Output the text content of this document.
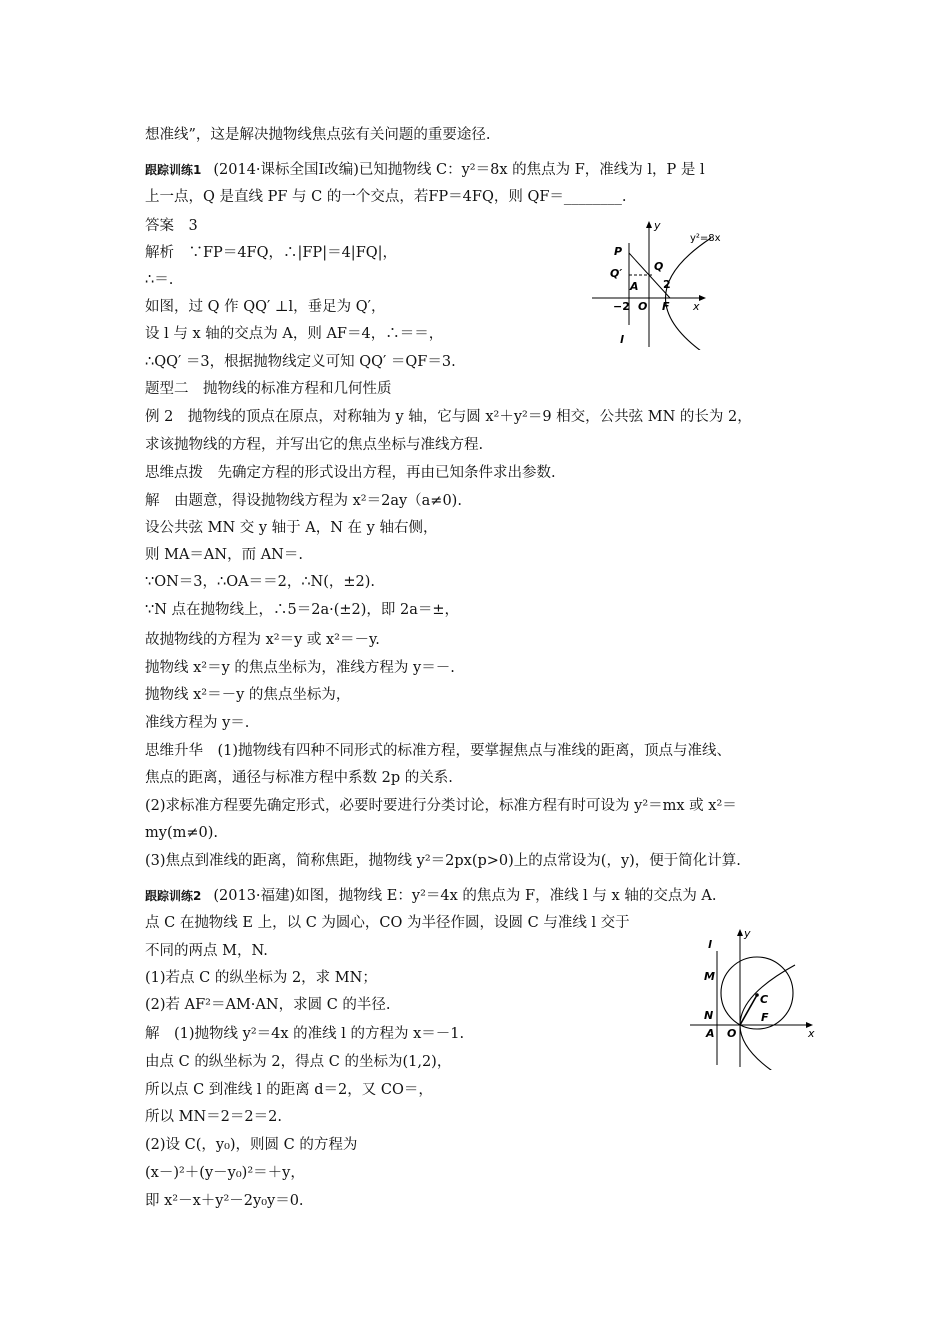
想准线”，这是解决抛物线焦点弦有关问题的重要途径.
跟踪训练1 (2014·课标全国Ⅰ改编)已知抛物线 C：y²＝8x 的焦点为 F，准线为 l，P 是 l
上一点，Q 是直线 PF 与 C 的一个交点，若FP＝4FQ，则 QF＝________.
答案　3
解析　∵FP＝4FQ，∴|FP|＝4|FQ|，
∴＝.
如图，过 Q 作 QQ′ ⊥l，垂足为 Q′，
设 l 与 x 轴的交点为 A，则 AF＝4，∴＝＝，
∴QQ′ ＝3，根据抛物线定义可知 QQ′ ＝QF＝3.
题型二　抛物线的标准方程和几何性质
例 2　抛物线的顶点在原点，对称轴为 y 轴，它与圆 x²＋y²＝9 相交，公共弦 MN 的长为 2，
求该抛物线的方程，并写出它的焦点坐标与准线方程.
思维点拨　先确定方程的形式设出方程，再由已知条件求出参数.
解　由题意，得设抛物线方程为 x²＝2ay（a≠0).
设公共弦 MN 交 y 轴于 A，N 在 y 轴右侧，
则 MA＝AN，而 AN＝.
∵ON＝3，∴OA＝＝2，∴N(，±2).
∵N 点在抛物线上，∴5＝2a·(±2)，即 2a＝±，
故抛物线的方程为 x²＝y 或 x²＝－y.
抛物线 x²＝y 的焦点坐标为，准线方程为 y＝－.
抛物线 x²＝－y 的焦点坐标为，
准线方程为 y＝.
思维升华　(1)抛物线有四种不同形式的标准方程，要掌握焦点与准线的距离，顶点与准线、
焦点的距离，通径与标准方程中系数 2p 的关系.
(2)求标准方程要先确定形式，必要时要进行分类讨论，标准方程有时可设为 y²＝mx 或 x²＝
my(m≠0).
(3)焦点到准线的距离，简称焦距，抛物线 y²＝2px(p>0)上的点常设为(，y)，便于简化计算.
跟踪训练2 (2013·福建)如图，抛物线 E：y²＝4x 的焦点为 F，准线 l 与 x 轴的交点为 A.
点 C 在抛物线 E 上，以 C 为圆心，CO 为半径作圆，设圆 C 与准线 l 交于
不同的两点 M，N.
(1)若点 C 的纵坐标为 2，求 MN；
(2)若 AF²＝AM·AN，求圆 C 的半径.
解　(1)抛物线 y²＝4x 的准线 l 的方程为 x＝－1.
由点 C 的纵坐标为 2，得点 C 的坐标为(1,2)，
所以点 C 到准线 l 的距离 d＝2，又 CO＝，
所以 MN＝2＝2＝2.
(2)设 C(，y₀)，则圆 C 的方程为
(x－)²＋(y－y₀)²＝＋y，
即 x²－x＋y²－2y₀y＝0.
y
y²=8x
P
Q′
Q
A 2
−2 O F x
l
y
l
M
N
C
A O
F
x
